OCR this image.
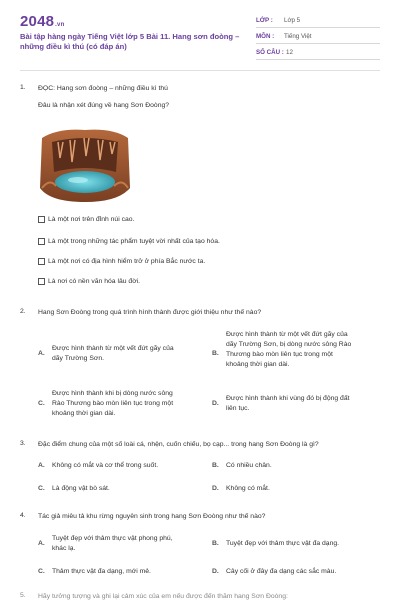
2048.vn
Bài tập hàng ngày Tiếng Việt lớp 5 Bài 11. Hang sơn đoòng – những điều kì thú (có đáp án)
LỚP :	Lớp 5
MÔN :	Tiếng Việt
SỐ CÂU : 12
1.	ĐỌC: Hang sơn đoòng – những điều kì thú
Đâu là nhận xét đúng về hang Sơn Đoòng?
Là một nơi trên đỉnh núi cao.
Là một trong những tác phẩm tuyệt vời nhất của tạo hóa.
Là một nơi có địa hình hiểm trở ở phía Bắc nước ta.
Là nơi có nền văn hóa lâu đời.
2.	Hang Sơn Đoòng trong quá trình hình thành được giới thiệu như thế nào?
A.
Được hình thành từ một vết đứt gãy của
dãy Trường Sơn.
B.
Được hình thành từ một vết đứt gãy của
dãy Trường Sơn, bị dòng nước sông Rào
Thương bào mòn liên tục trong một
khoảng thời gian dài.
C.
Được hình thành khi bị dòng nước sông
Rào Thương bào mòn liên tục trong một
khoảng thời gian dài.
D.
Được hình thành khi vùng đó bị động đất
liên tục.
3.	Đặc điểm chung của một số loài cá, nhện, cuốn chiếu, bọ cạp... trong hang Sơn Đoòng là gì?
A. Không có mắt và cơ thể trong suốt.	B. Có nhiều chân.
C. Là động vật bò sát.	D. Không có mắt.
4.	Tác giả miêu tả khu rừng nguyên sinh trong hang Sơn Đoòng như thế nào?
A.
Tuyệt đẹp với thảm thực vật phong phú,
khác lạ.
B. Tuyệt đẹp với thảm thực vật đa dạng.
C. Thảm thực vật đa dạng, mới mẻ.	D. Cây cối ở đây đa dạng các sắc màu.
5.	Hãy tưởng tượng và ghi lại cảm xúc của em nếu được đến thăm hang Sơn Đoòng:
